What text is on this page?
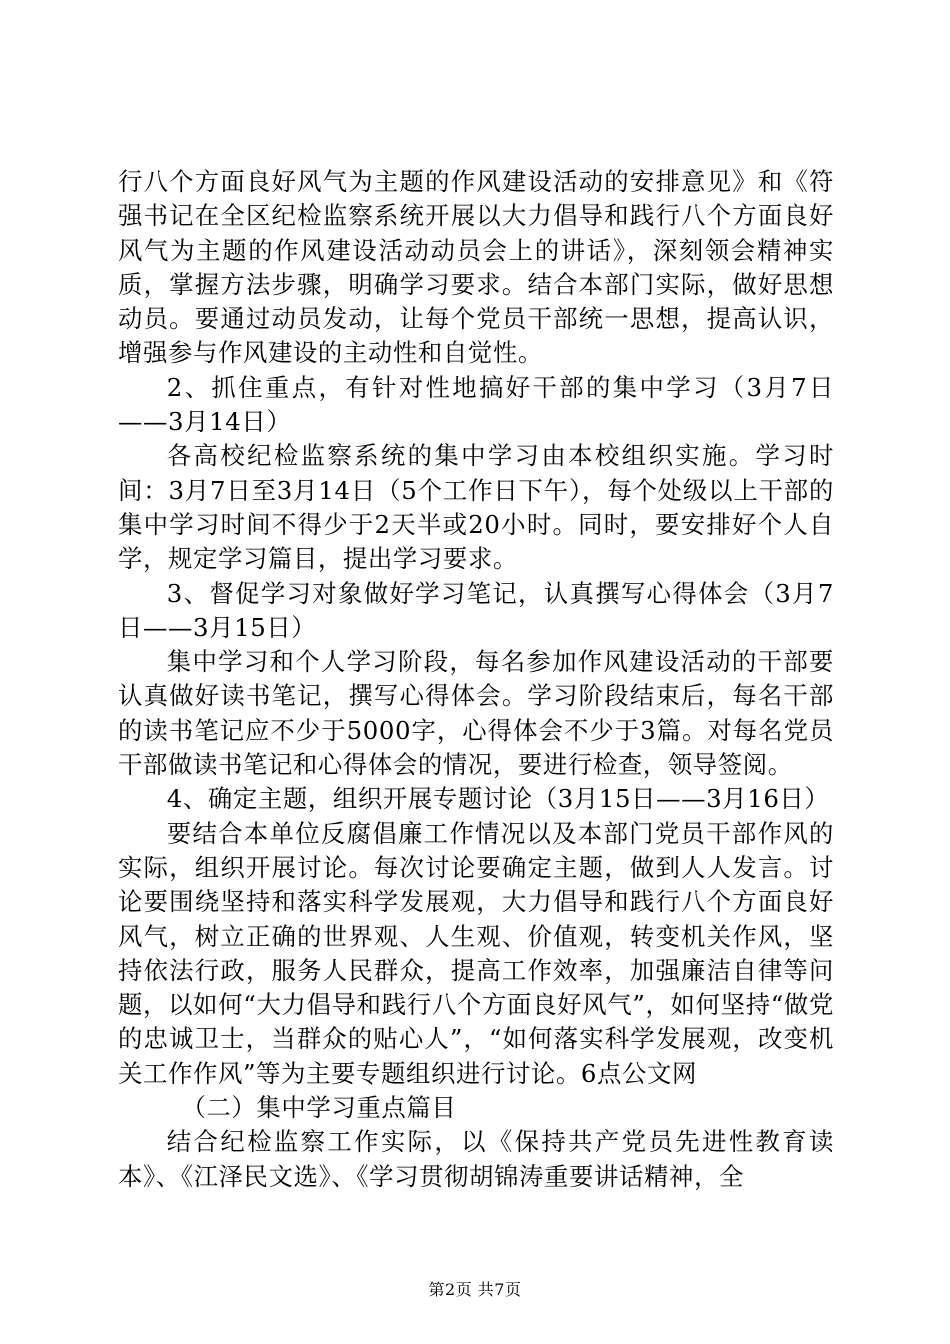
行八个方面良好风气为主题的作风建设活动的安排意见》和《符强书记在全区纪检监察系统开展以大力倡导和践行八个方面良好风气为主题的作风建设活动动员会上的讲话》，深刻领会精神实质，掌握方法步骤，明确学习要求。结合本部门实际，做好思想动员。要通过动员发动，让每个党员干部统一思想，提高认识，增强参与作风建设的主动性和自觉性。

2、抓住重点，有针对性地搞好干部的集中学习（3月7日——3月14日）

各高校纪检监察系统的集中学习由本校组织实施。学习时间：3月7日至3月14日（5个工作日下午），每个处级以上干部的集中学习时间不得少于2天半或20小时。同时，要安排好个人自学，规定学习篇目，提出学习要求。

3、督促学习对象做好学习笔记，认真撰写心得体会（3月7日——3月15日）

集中学习和个人学习阶段，每名参加作风建设活动的干部要认真做好读书笔记，撰写心得体会。学习阶段结束后，每名干部的读书笔记应不少于5000字，心得体会不少于3篇。对每名党员干部做读书笔记和心得体会的情况，要进行检查，领导签阅。

4、确定主题，组织开展专题讨论（3月15日——3月16日）

要结合本单位反腐倡廉工作情况以及本部门党员干部作风的实际，组织开展讨论。每次讨论要确定主题，做到人人发言。讨论要围绕坚持和落实科学发展观，大力倡导和践行八个方面良好风气，树立正确的世界观、人生观、价值观，转变机关作风，坚持依法行政，服务人民群众，提高工作效率，加强廉洁自律等问题，以如何“大力倡导和践行八个方面良好风气”，如何坚持“做党的忠诚卫士，当群众的贴心人”，“如何落实科学发展观，改变机关工作作风”等为主要专题组织进行讨论。6点公文网

（二）集中学习重点篇目

结合纪检监察工作实际，以《保持共产党员先进性教育读本》、《江泽民文选》、《学习贯彻胡锦涛重要讲话精神，全

第2页 共7页
